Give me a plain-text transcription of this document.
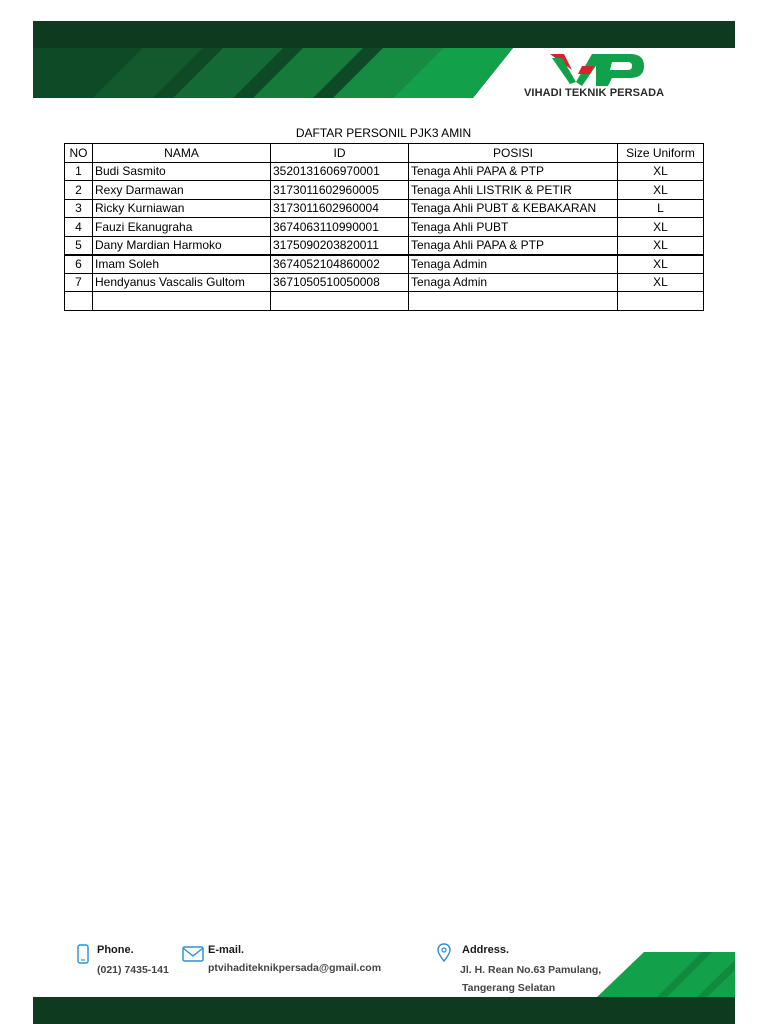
VIHADI TEKNIK PERSADA
DAFTAR PERSONIL PJK3 AMIN
NO	NAMA	ID	POSISI	Size Uniform
1	Budi Sasmito	3520131606970001	Tenaga Ahli PAPA & PTP	XL
2	Rexy Darmawan	3173011602960005	Tenaga Ahli LISTRIK & PETIR	XL
3	Ricky Kurniawan	3173011602960004	Tenaga Ahli PUBT & KEBAKARAN	L
4	Fauzi Ekanugraha	3674063110990001	Tenaga Ahli PUBT	XL
5	Dany Mardian Harmoko	3175090203820011	Tenaga Ahli PAPA & PTP	XL
6	Imam Soleh	3674052104860002	Tenaga Admin	XL
7	Hendyanus Vascalis Gultom	3671050510050008	Tenaga Admin	XL

Phone.
(021) 7435-141
E-mail.
ptvihaditeknikpersada@gmail.com
Address.
Jl. H. Rean No.63 Pamulang,
Tangerang Selatan
